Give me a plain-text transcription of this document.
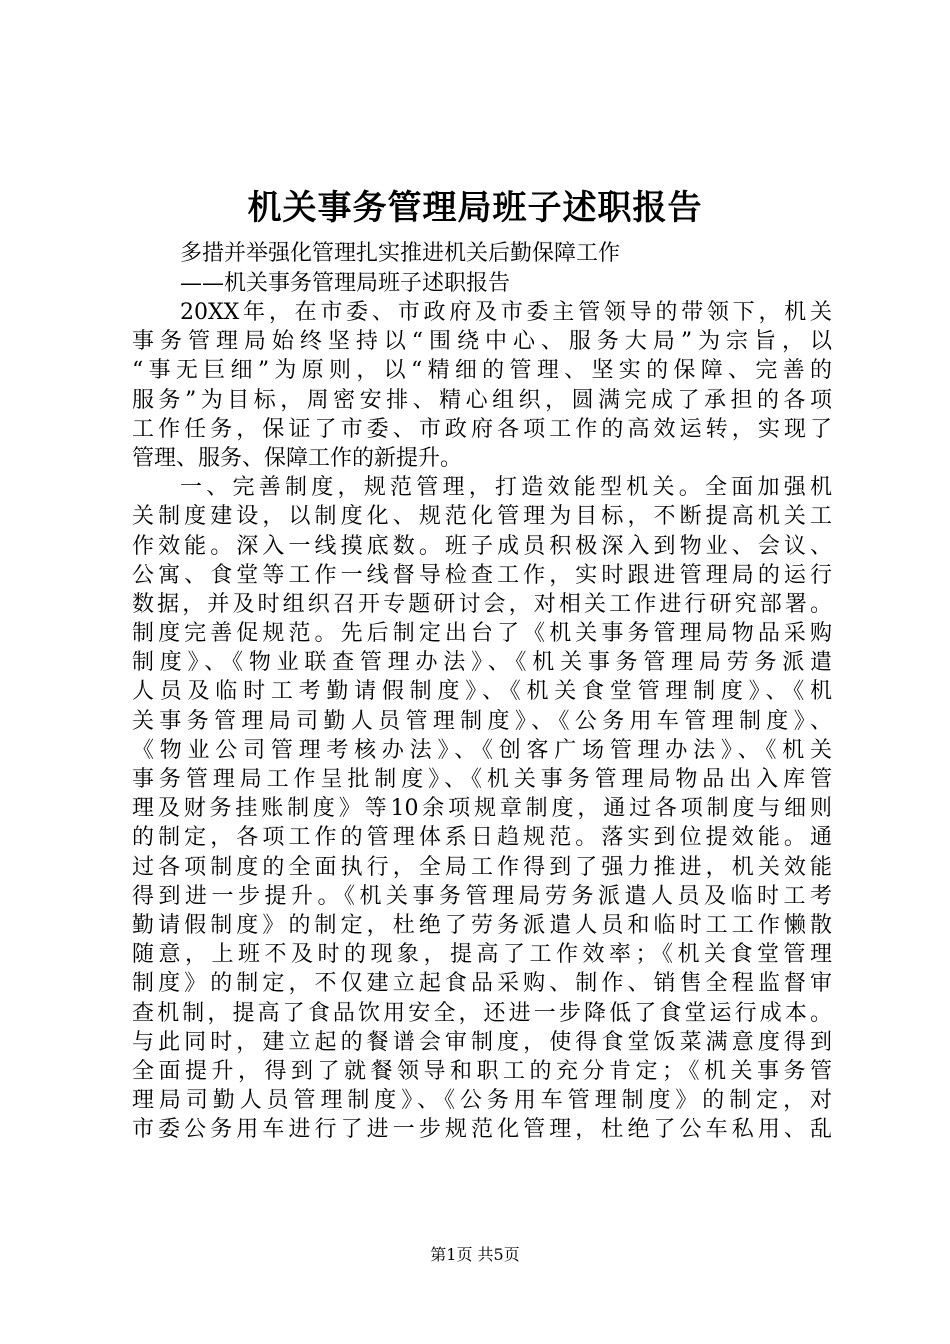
机关事务管理局班子述职报告
多措并举强化管理扎实推进机关后勤保障工作
——机关事务管理局班子述职报告
20XX年，在市委、市政府及市委主管领导的带领下，机关
事务管理局始终坚持以“围绕中心、服务大局”为宗旨，以
“事无巨细”为原则，以“精细的管理、坚实的保障、完善的
服务”为目标，周密安排、精心组织，圆满完成了承担的各项
工作任务，保证了市委、市政府各项工作的高效运转，实现了
管理、服务、保障工作的新提升。
一、完善制度，规范管理，打造效能型机关。全面加强机
关制度建设，以制度化、规范化管理为目标，不断提高机关工
作效能。深入一线摸底数。班子成员积极深入到物业、会议、
公寓、食堂等工作一线督导检查工作，实时跟进管理局的运行
数据，并及时组织召开专题研讨会，对相关工作进行研究部署。
制度完善促规范。先后制定出台了《机关事务管理局物品采购
制度》、《物业联查管理办法》、《机关事务管理局劳务派遣
人员及临时工考勤请假制度》、《机关食堂管理制度》、《机
关事务管理局司勤人员管理制度》、《公务用车管理制度》、
《物业公司管理考核办法》、《创客广场管理办法》、《机关
事务管理局工作呈批制度》、《机关事务管理局物品出入库管
理及财务挂账制度》等10余项规章制度，通过各项制度与细则
的制定，各项工作的管理体系日趋规范。落实到位提效能。通
过各项制度的全面执行，全局工作得到了强力推进，机关效能
得到进一步提升。《机关事务管理局劳务派遣人员及临时工考
勤请假制度》的制定，杜绝了劳务派遣人员和临时工工作懒散
随意，上班不及时的现象，提高了工作效率；《机关食堂管理
制度》的制定，不仅建立起食品采购、制作、销售全程监督审
查机制，提高了食品饮用安全，还进一步降低了食堂运行成本。
与此同时，建立起的餐谱会审制度，使得食堂饭菜满意度得到
全面提升，得到了就餐领导和职工的充分肯定；《机关事务管
理局司勤人员管理制度》、《公务用车管理制度》的制定，对
市委公务用车进行了进一步规范化管理，杜绝了公车私用、乱
第1页 共5页
